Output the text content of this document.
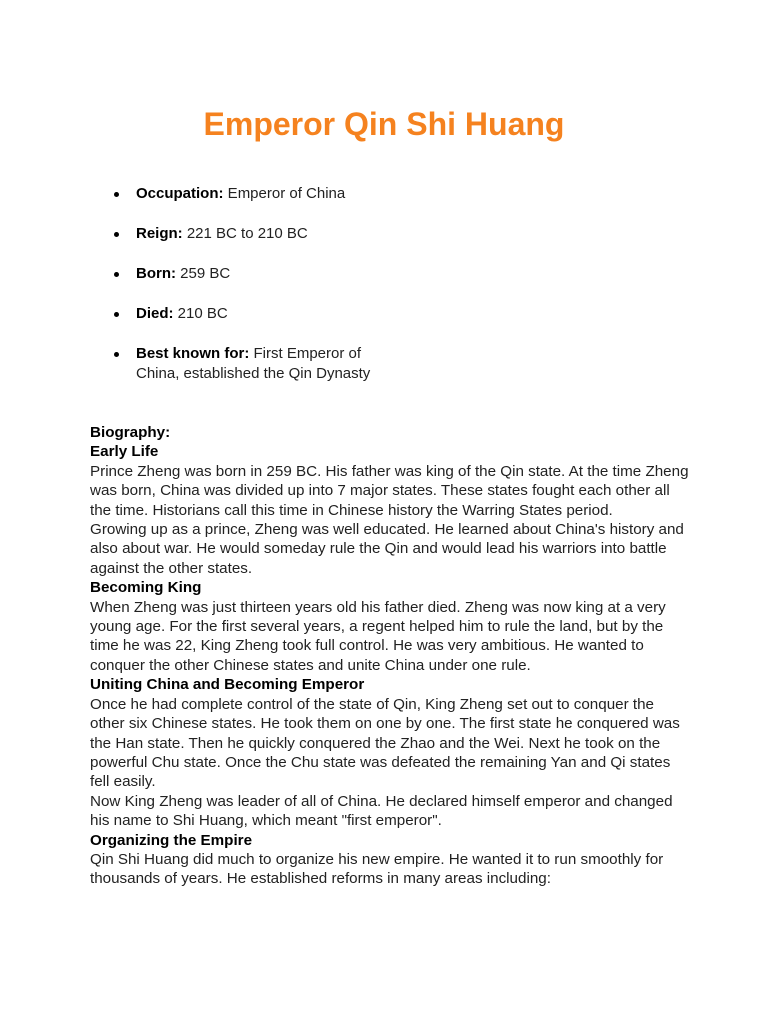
Emperor Qin Shi Huang
Occupation: Emperor of China
Reign: 221 BC to 210 BC
Born: 259 BC
Died: 210 BC
Best known for: First Emperor of China, established the Qin Dynasty

Biography:

Early Life

Prince Zheng was born in 259 BC. His father was king of the Qin state. At the time Zheng was born, China was divided up into 7 major states. These states fought each other all the time. Historians call this time in Chinese history the Warring States period.

Growing up as a prince, Zheng was well educated. He learned about China's history and also about war. He would someday rule the Qin and would lead his warriors into battle against the other states.

Becoming King

When Zheng was just thirteen years old his father died. Zheng was now king at a very young age. For the first several years, a regent helped him to rule the land, but by the time he was 22, King Zheng took full control. He was very ambitious. He wanted to conquer the other Chinese states and unite China under one rule.

Uniting China and Becoming Emperor

Once he had complete control of the state of Qin, King Zheng set out to conquer the other six Chinese states. He took them on one by one. The first state he conquered was the Han state. Then he quickly conquered the Zhao and the Wei. Next he took on the powerful Chu state. Once the Chu state was defeated the remaining Yan and Qi states fell easily.

Now King Zheng was leader of all of China. He declared himself emperor and changed his name to Shi Huang, which meant "first emperor".

Organizing the Empire

Qin Shi Huang did much to organize his new empire. He wanted it to run smoothly for thousands of years. He established reforms in many areas including:
